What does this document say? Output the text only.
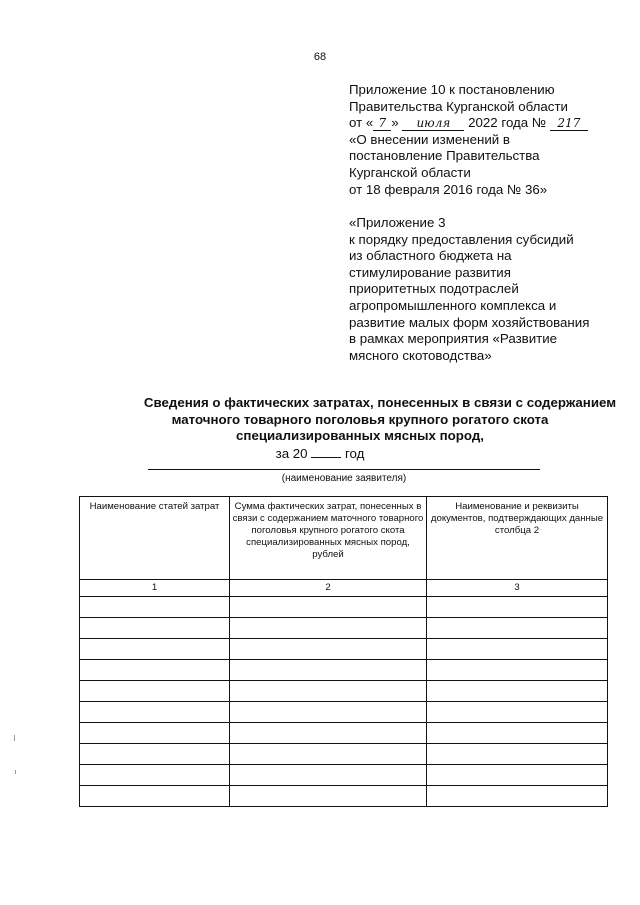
68
Приложение 10 к постановлению
Правительства Курганской области
от « 7 » июля 2022 года № 217
«О внесении изменений в
постановление Правительства
Курганской области
от 18 февраля 2016 года № 36»
«Приложение 3
к порядку предоставления субсидий
из областного бюджета на
стимулирование развития
приоритетных подотраслей
агропромышленного комплекса и
развитие малых форм хозяйствования
в рамках мероприятия «Развитие
мясного скотоводства»
Сведения о фактических затратах, понесенных в связи с содержанием
маточного товарного поголовья крупного рогатого скота
специализированных мясных пород,
за 20	год
(наименование заявителя)
Наименование статей затрат	Сумма фактических затрат, понесенных в связи с содержанием маточного товарного поголовья крупного рогатого скота специализированных мясных пород, рублей	Наименование и реквизиты документов, подтверждающих данные столбца 2
1	2	3
